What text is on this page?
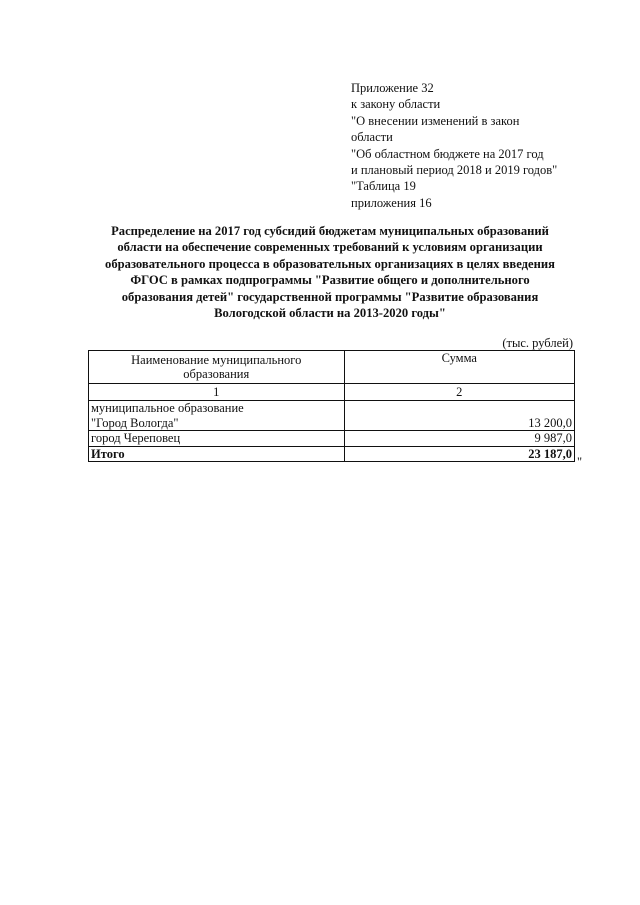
Приложение 32
к закону области
"О внесении изменений в закон
области
"Об областном бюджете на 2017 год
и плановый период 2018 и 2019 годов"
"Таблица 19
приложения 16
Распределение на 2017 год субсидий бюджетам муниципальных образований
области на обеспечение современных требований к условиям организации
образовательного процесса в образовательных организациях в целях введения
ФГОС в рамках подпрограммы "Развитие общего и дополнительного
образования детей" государственной программы "Развитие образования
Вологодской области на 2013-2020 годы"
(тыс. рублей)
Наименование муниципального
образования	Сумма
1	2

муниципальное образование
"Город Вологда"	13 200,0
город Череповец	9 987,0
Итого	23 187,0
"
